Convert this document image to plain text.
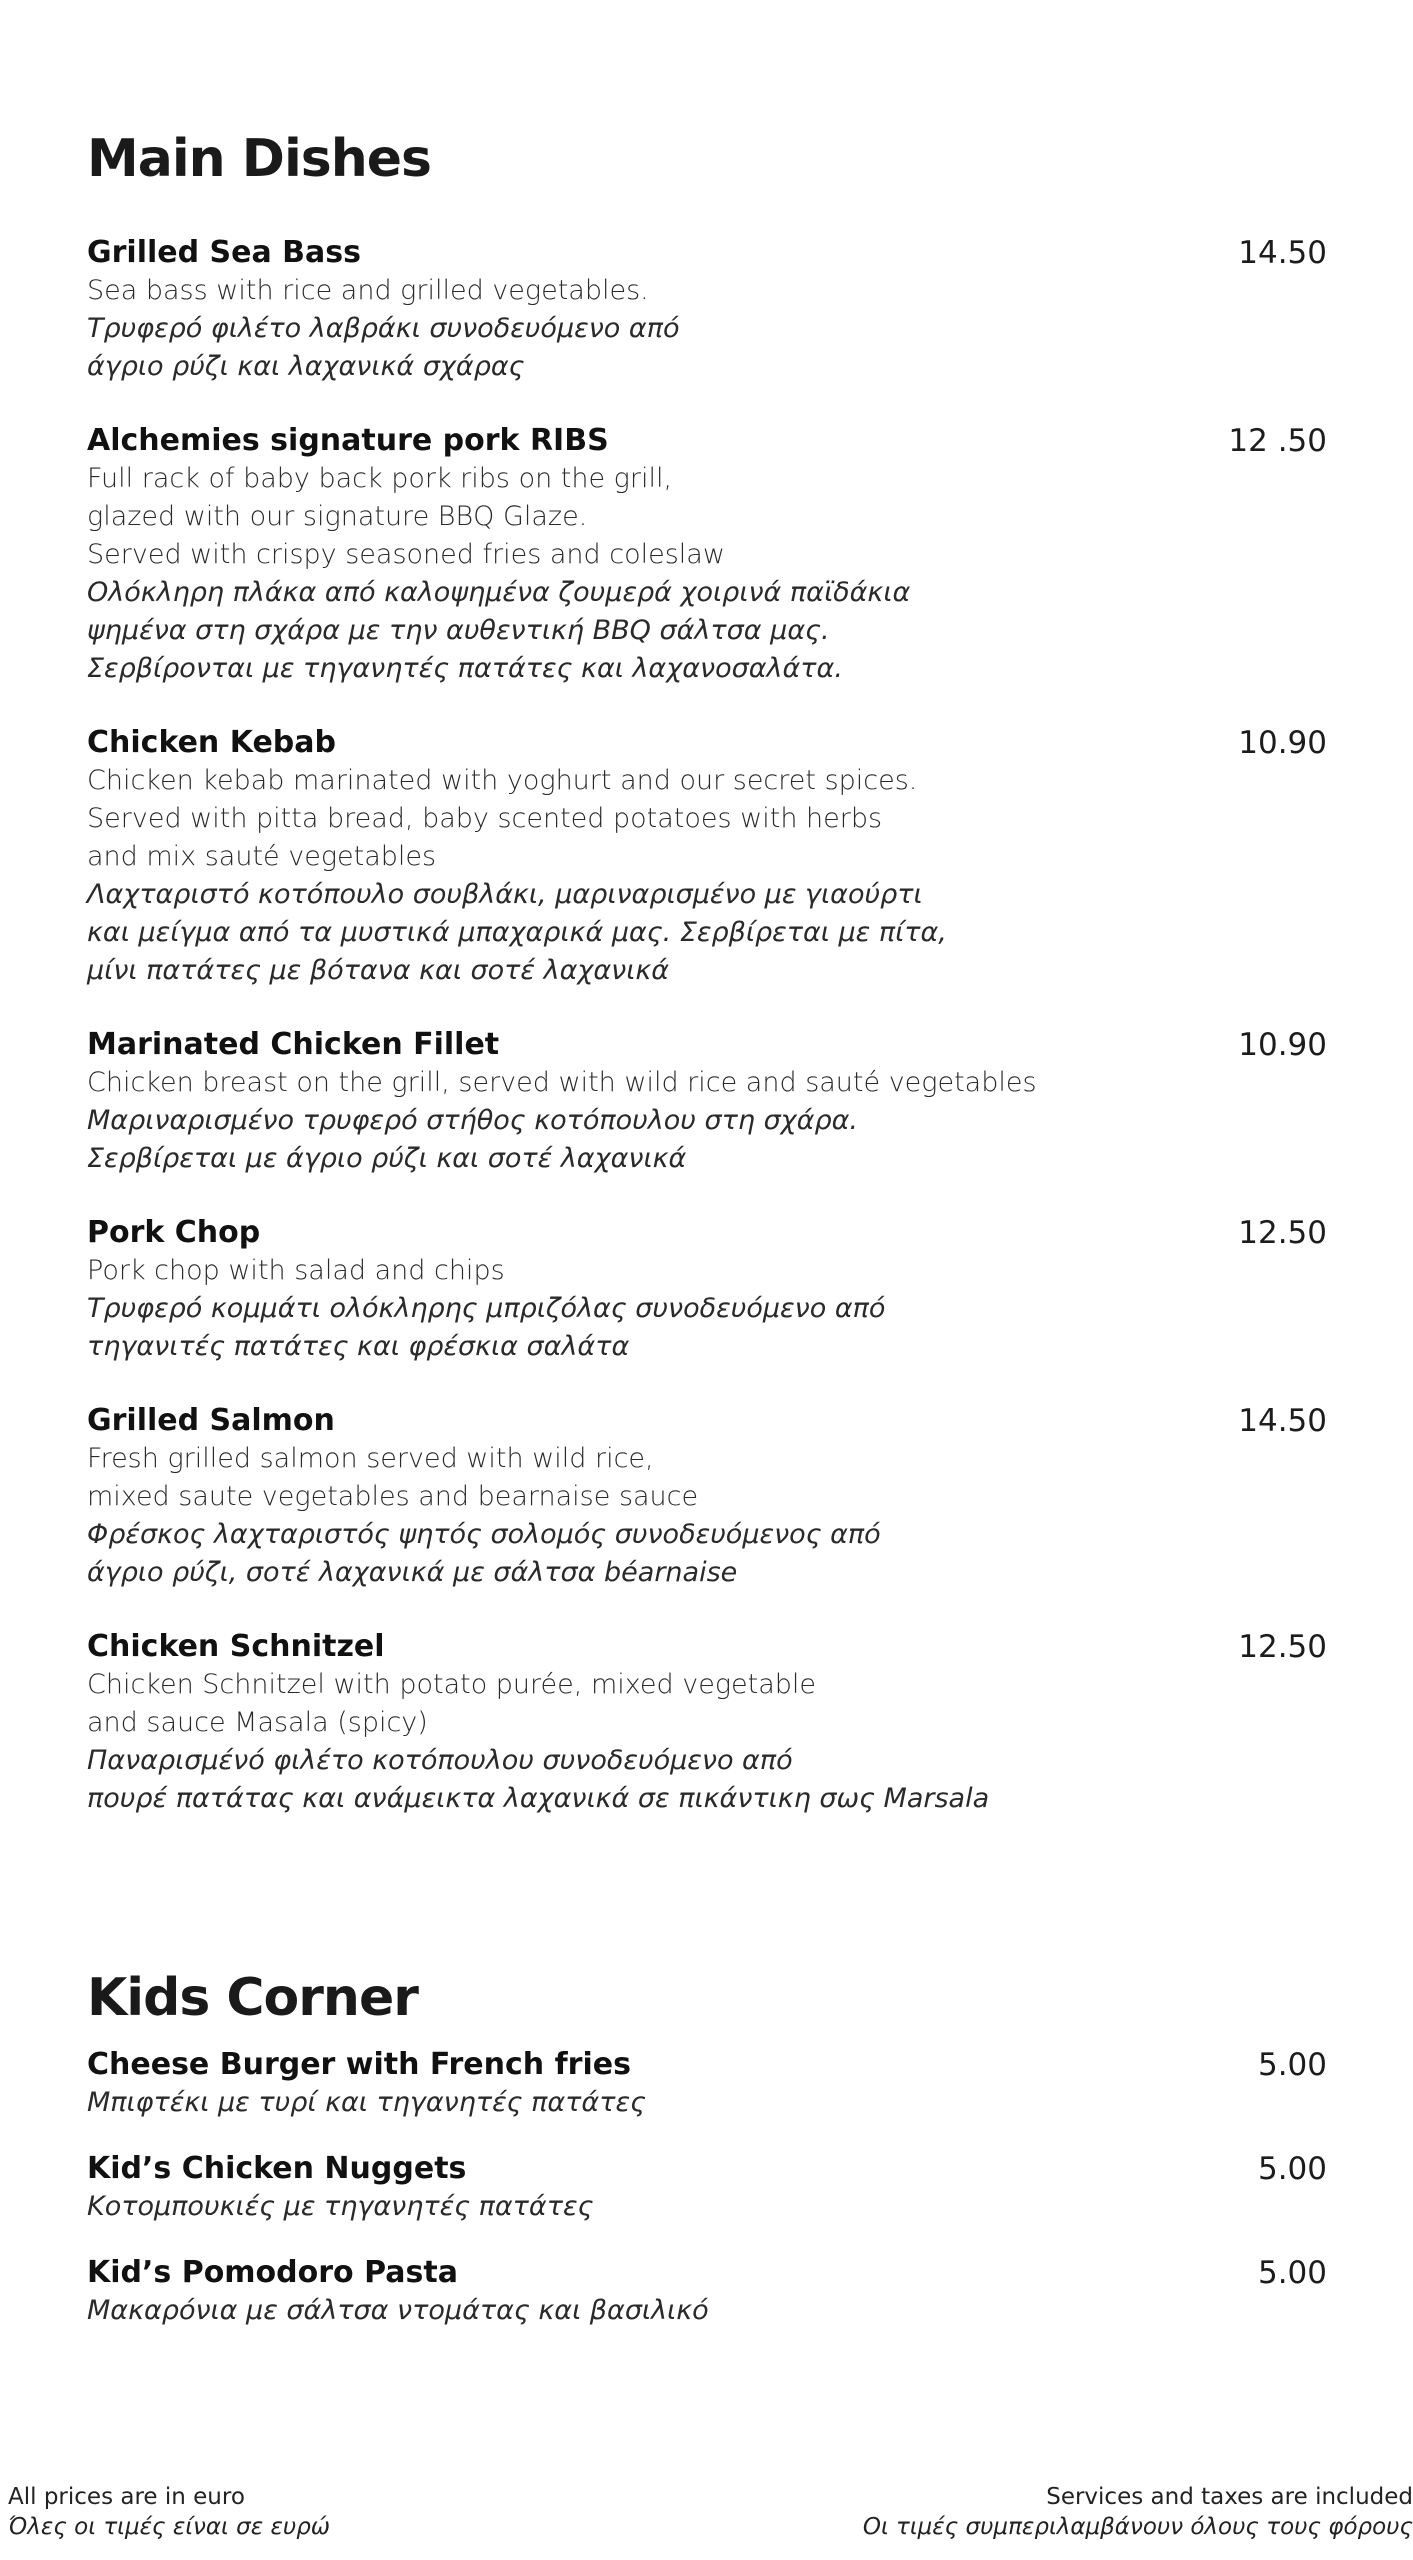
Main Dishes
Grilled Sea Bass	14.50
Sea bass with rice and grilled vegetables.
Τρυφερό φιλέτο λαβράκι συνοδευόμενο από
άγριο ρύζι και λαχανικά σχάρας
Alchemies signature pork RIBS	12 .50
Full rack of baby back pork ribs on the grill,
glazed with our signature BBQ Glaze.
Served with crispy seasoned fries and coleslaw
Ολόκληρη πλάκα από καλοψημένα ζουμερά χοιρινά παϊδάκια
ψημένα στη σχάρα με την αυθεντική BBQ σάλτσα μας.
Σερβίρονται με τηγανητές πατάτες και λαχανοσαλάτα.
Chicken Kebab	10.90
Chicken kebab marinated with yoghurt and our secret spices.
Served with pitta bread, baby scented potatoes with herbs
and mix sauté vegetables
Λαχταριστό κοτόπουλο σουβλάκι, μαριναρισμένο με γιαούρτι
και μείγμα από τα μυστικά μπαχαρικά μας. Σερβίρεται με πίτα,
μίνι πατάτες με βότανα και σοτέ λαχανικά
Marinated Chicken Fillet	10.90
Chicken breast on the grill, served with wild rice and sauté vegetables
Μαριναρισμένο τρυφερό στήθος κοτόπουλου στη σχάρα.
Σερβίρεται με άγριο ρύζι και σοτέ λαχανικά
Pork Chop	12.50
Pork chop with salad and chips
Τρυφερό κομμάτι ολόκληρης μπριζόλας συνοδευόμενο από
τηγανιτές πατάτες και φρέσκια σαλάτα
Grilled Salmon	14.50
Fresh grilled salmon served with wild rice,
mixed saute vegetables and bearnaise sauce
Φρέσκος λαχταριστός ψητός σολομός συνοδευόμενος από
άγριο ρύζι, σοτέ λαχανικά με σάλτσα béarnaise
Chicken Schnitzel	12.50
Chicken Schnitzel with potato purée, mixed vegetable
and sauce Masala (spicy)
Παναρισμένό φιλέτο κοτόπουλου συνοδευόμενο από
πουρέ πατάτας και ανάμεικτα λαχανικά σε πικάντικη σως Marsala
Kids Corner
Cheese Burger with French fries	5.00
Μπιφτέκι με τυρί και τηγανητές πατάτες
Kid’s Chicken Nuggets	5.00
Κοτομπουκιές με τηγανητές πατάτες
Kid’s Pomodoro Pasta	5.00
Μακαρόνια με σάλτσα ντομάτας και βασιλικό
All prices are in euro
Όλες οι τιμές είναι σε ευρώ
Services and taxes are included
Οι τιμές συμπεριλαμβάνουν όλους τους φόρους
